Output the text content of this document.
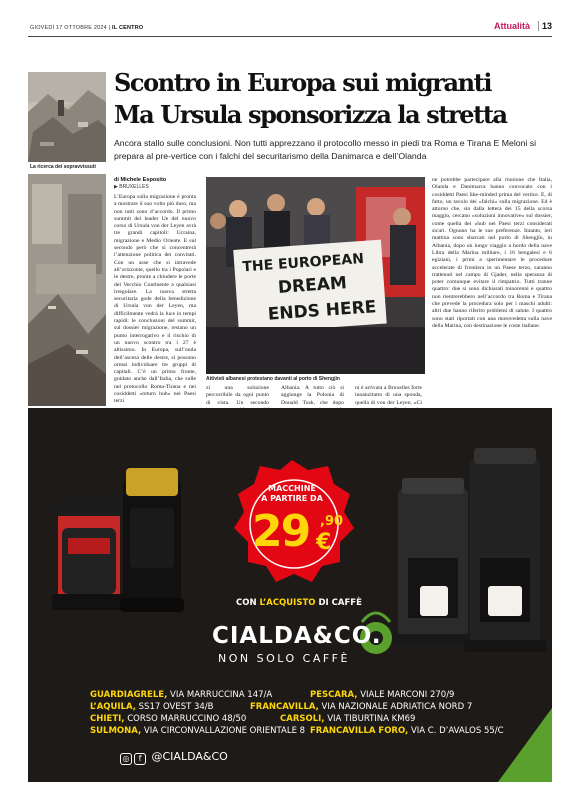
GIOVEDÌ 17 OTTOBRE 2024 | IL CENTRO	Attualità	13
La ricerca dei sopravvissuti
Scontro in Europa sui migranti
Ma Ursula sponsorizza la stretta
Ancora stallo sulle conclusioni. Non tutti apprezzano il protocollo messo in piedi tra Roma e Tirana E Meloni si prepara al pre-vertice con i falchi del securitarismo della Danimarca e dell’Olanda
di Michele Esposito
▶ BRUXELLES
L’Europa sulla migrazione è pronta a mostrare il suo volto più duro, ma non tutti sono d’accordo. Il primo summit dei leader Ue del nuovo corso di Ursula von der Leyen avrà tre grandi capitoli: Ucraina, migrazione e Medio Oriente. E sul secondo però che si concentrerà l’attenzione politica dei convitati. Con un asse che si intravede all’orizzonte, quello tra i Popolari e le destre, pronte a chiudere le porte del Vecchio Continente a qualsiasi irregolare. La nuova stretta securitaria gode della benedizione di Ursula von der Leyen, ma difficilmente vedrà la luce in tempi rapidi: le conclusioni del summit, sul dossier migrazione, restano un punto interrogativo e il rischio di un nuovo scontro tra i 27 è altissimo. In Europa, sull’onda dell’ascesa delle destre, si possono ormai individuare tre gruppi di capitali. C’è un primo fronte, guidato anche dall’Italia, che sulle nel protocollo Roma-Tirana e nei cosiddetti «return hub» nei Paesi terzi
THE EUROPEAN
DREAM
ENDS HERE
Attivisti albanesi protestano davanti al porto di Shengjin
zi una soluzione percorribile da ogni punto di vista. Un secondo
Albania. A tutto ciò si aggiunge la Polonia di Donald Tusk, che dopo
ni è arrivata a Bruxelles forte innanzitutto di una sponda, quella di von der Leyen. «Ci
ne potrebbe partecipare alla riunione che Italia, Olanda e Danimarca hanno convocato con i cosiddetti Paesi like-minded prima del vertice. E, di fatto, un tavolo dei «falchi» sulla migrazione. Ed è attorno che, sin dalla lettera dei 15 della scorsa maggio, cercano «soluzioni innovative» sul dossier, come quella dei «hub nei Paesi terzi considerati sicuri. Ognuno ha le sue preferenze. Intanto, ieri mattina sono sbarcati nel porto di Shengjin, in Albania, dopo un lungo viaggio a bordo della nave Libra della Marina militare, i 16 bengalesi e 6 egiziani, i primi a sperimentare le procedure accelerate di frontiera in un Paese terzo, saranno trattenuti nel campo di Gjader, nella speranza di poter comunque evitare il rimpatrio. Tutti tranne quattro: due si sono dichiarati minorenni e quattro non rientrerebbero nell’accordo tra Roma e Tirana che prevede la procedura solo per i maschi adulti: altri due hanno riferito problemi di salute. I quattro sono stati riportati con una motovedetta sulla nave della Marina, con destinazione le coste italiane.
MACCHINE
A PARTIRE DA
29 ,90
€
CON L’ACQUISTO DI CAFFÈ
CIALDA&CO.
NON SOLO CAFFÈ
GUARDIAGRELE, VIA MARRUCCINA 147/A	PESCARA, VIALE MARCONI 270/9
L’AQUILA, SS17 OVEST 34/B	FRANCAVILLA, VIA NAZIONALE ADRIATICA NORD 7
CHIETI, CORSO MARRUCCINO 48/50	CARSOLI, VIA TIBURTINA KM69
SULMONA, VIA CIRCONVALLAZIONE ORIENTALE 8 FRANCAVILLA FORO, VIA C. D’AVALOS 55/C
◎ f @CIALDA&CO
